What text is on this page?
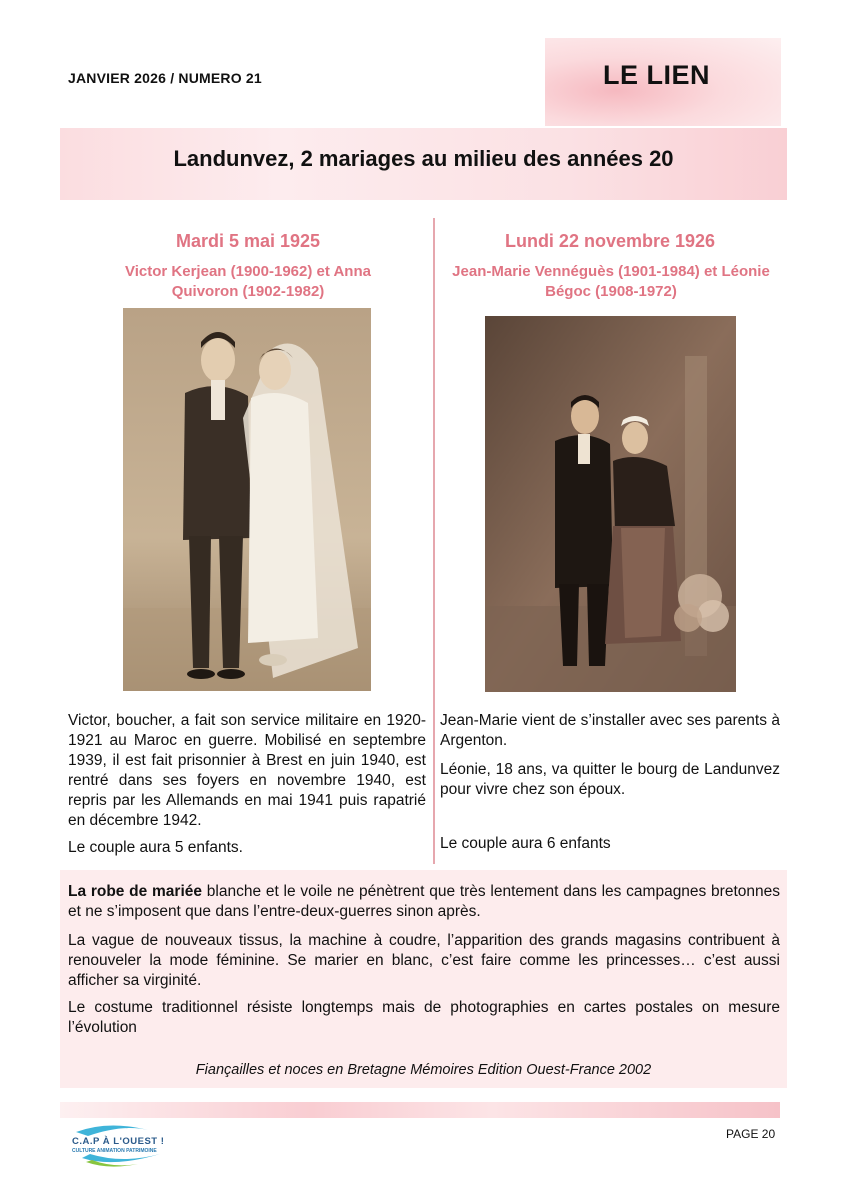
JANVIER 2026 / NUMERO 21	LE LIEN
Landunvez, 2 mariages au milieu des années 20
Mardi 5 mai 1925
Victor Kerjean (1900-1962) et Anna Quivoron (1902-1982)
Victor, boucher, a fait son service militaire en 1920-1921 au Maroc en guerre. Mobilisé en septembre 1939, il est fait prisonnier à Brest en juin 1940, est rentré dans ses foyers en novembre 1940, est repris par les Allemands en mai 1941 puis rapatrié en décembre 1942.
Le couple aura 5 enfants.
Lundi 22 novembre 1926
Jean-Marie Vennéguès (1901-1984) et Léonie Bégoc (1908-1972)
Jean-Marie vient de s’installer avec ses parents à Argenton.
Léonie, 18 ans, va quitter le bourg de Landunvez pour vivre chez son époux.
Le couple aura 6 enfants
La robe de mariée blanche et le voile ne pénètrent que très lentement dans les campagnes bretonnes et ne s’imposent que dans l’entre-deux-guerres sinon après.
La vague de nouveaux tissus, la machine à coudre, l’apparition des grands magasins contribuent à renouveler la mode féminine. Se marier en blanc, c’est faire comme les princesses… c’est aussi afficher sa virginité.
Le costume traditionnel résiste longtemps mais de photographies en cartes postales on mesure l’évolution
Fiançailles et noces en Bretagne Mémoires Edition Ouest-France 2002
C.A.P À L'OUEST !
CULTURE ANIMATION PATRIMOINE
PAGE 20
